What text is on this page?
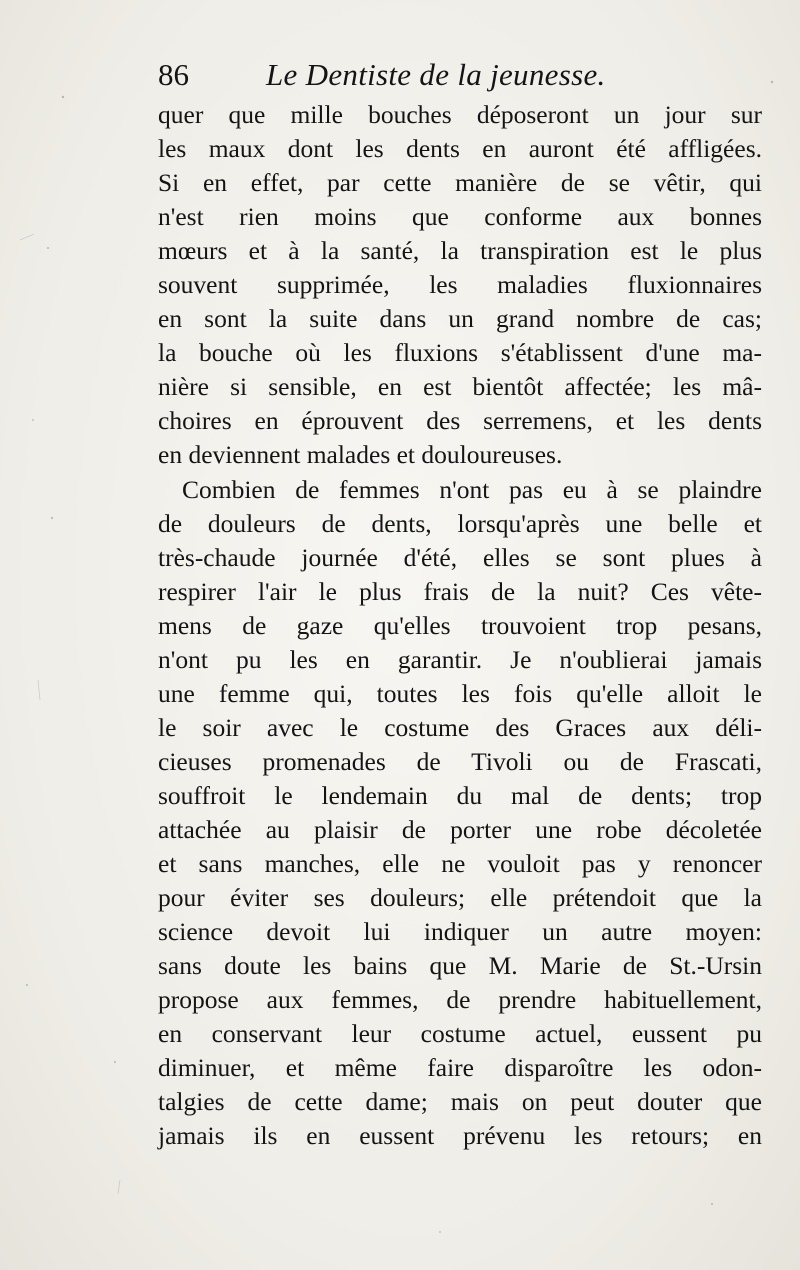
86 Le Dentiste de la jeunesse.
quer que mille bouches déposeront un jour sur
les maux dont les dents en auront été affligées.
Si en effet, par cette manière de se vêtir, qui
n'est rien moins que conforme aux bonnes
mœurs et à la santé, la transpiration est le plus
souvent supprimée, les maladies fluxionnaires
en sont la suite dans un grand nombre de cas;
la bouche où les fluxions s'établissent d'une ma-
nière si sensible, en est bientôt affectée; les mâ-
choires en éprouvent des serremens, et les dents
en deviennent malades et douloureuses.
Combien de femmes n'ont pas eu à se plaindre
de douleurs de dents, lorsqu'après une belle et
très-chaude journée d'été, elles se sont plues à
respirer l'air le plus frais de la nuit? Ces vête-
mens de gaze qu'elles trouvoient trop pesans,
n'ont pu les en garantir. Je n'oublierai jamais
une femme qui, toutes les fois qu'elle alloit le
le soir avec le costume des Graces aux déli-
cieuses promenades de Tivoli ou de Frascati,
souffroit le lendemain du mal de dents; trop
attachée au plaisir de porter une robe décoletée
et sans manches, elle ne vouloit pas y renoncer
pour éviter ses douleurs; elle prétendoit que la
science devoit lui indiquer un autre moyen:
sans doute les bains que M. Marie de St.-Ursin
propose aux femmes, de prendre habituellement,
en conservant leur costume actuel, eussent pu
diminuer, et même faire disparoître les odon-
talgies de cette dame; mais on peut douter que
jamais ils en eussent prévenu les retours; en
